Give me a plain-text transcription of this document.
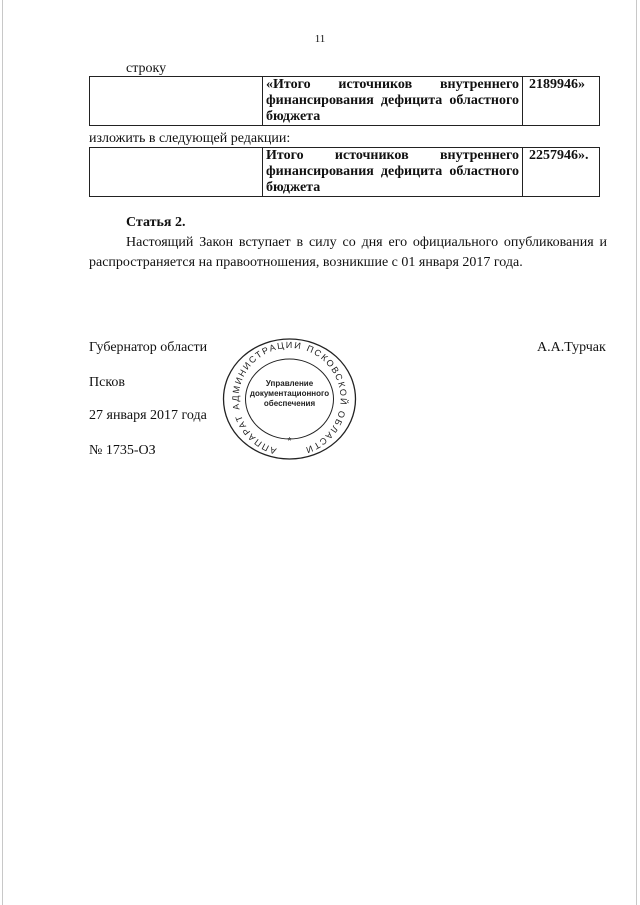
11
строку
	«Итого источников внутреннего финансирования дефицита областного бюджета	2189946»
изложить в следующей редакции:
	Итого источников внутреннего финансирования дефицита областного бюджета	2257946».
Статья 2.
Настоящий Закон вступает в силу со дня его официального опубликования и распространяется на правоотношения, возникшие с 01 января 2017 года.
Губернатор области	А.А.Турчак
Псков
27 января 2017 года
№ 1735-ОЗ	АППАРАТ АДМИНИСТРАЦИИ ПСКОВСКОЙ ОБЛАСТИ
Управление
документационного
обеспечения
*
